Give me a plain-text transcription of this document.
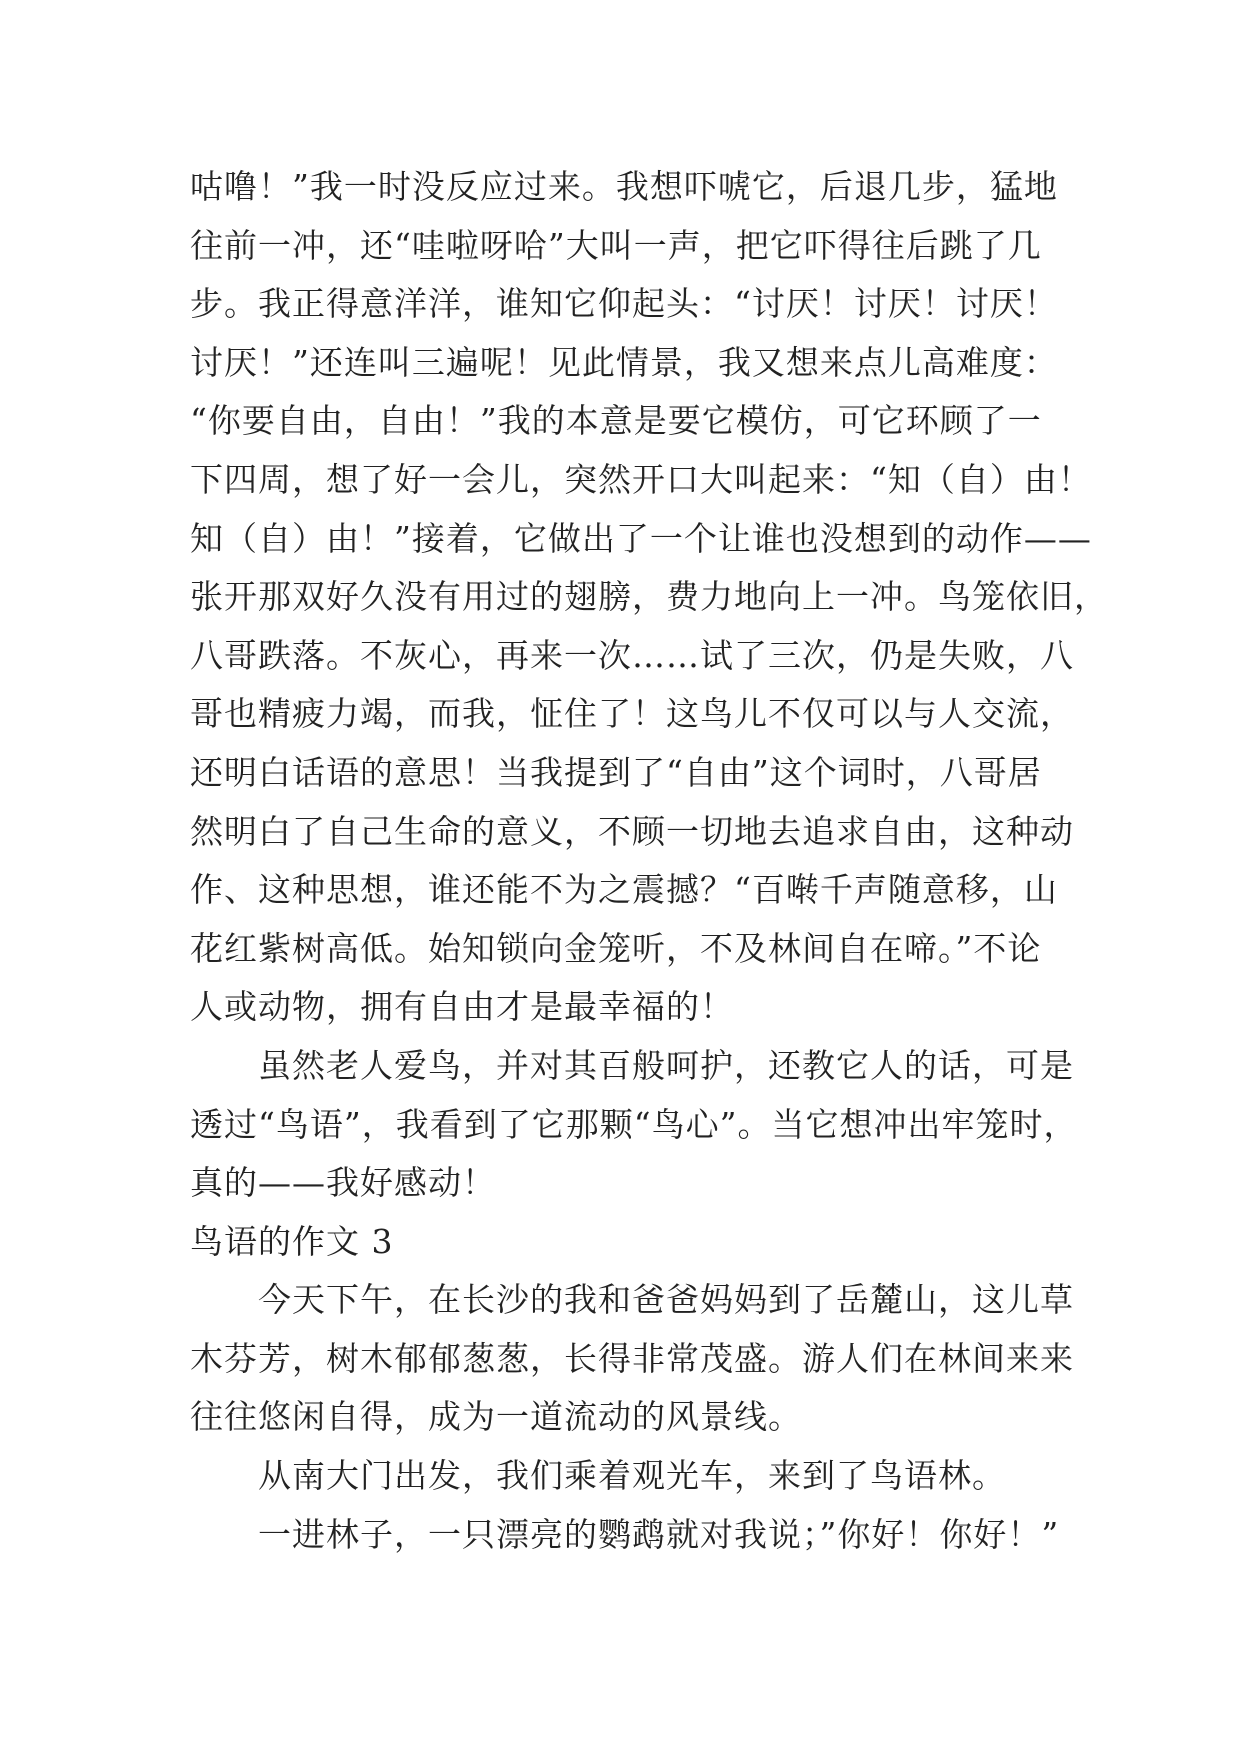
咕噜！”我一时没反应过来。我想吓唬它，后退几步，猛地
往前一冲，还“哇啦呀哈”大叫一声，把它吓得往后跳了几
步。我正得意洋洋，谁知它仰起头：“讨厌！讨厌！讨厌！
讨厌！”还连叫三遍呢！见此情景，我又想来点儿高难度：
“你要自由，自由！”我的本意是要它模仿，可它环顾了一
下四周，想了好一会儿，突然开口大叫起来：“知（自）由！
知（自）由！”接着，它做出了一个让谁也没想到的动作——
张开那双好久没有用过的翅膀，费力地向上一冲。鸟笼依旧，
八哥跌落。不灰心，再来一次……试了三次，仍是失败，八
哥也精疲力竭，而我，怔住了！这鸟儿不仅可以与人交流，
还明白话语的意思！当我提到了“自由”这个词时，八哥居
然明白了自己生命的意义，不顾一切地去追求自由，这种动
作、这种思想，谁还能不为之震撼？“百啭千声随意移，山
花红紫树高低。始知锁向金笼听，不及林间自在啼。”不论
人或动物，拥有自由才是最幸福的！
虽然老人爱鸟，并对其百般呵护，还教它人的话，可是
透过“鸟语”，我看到了它那颗“鸟心”。当它想冲出牢笼时，
真的——我好感动！
鸟语的作文 3
今天下午，在长沙的我和爸爸妈妈到了岳麓山，这儿草
木芬芳，树木郁郁葱葱，长得非常茂盛。游人们在林间来来
往往悠闲自得，成为一道流动的风景线。
从南大门出发，我们乘着观光车，来到了鸟语林。
一进林子，一只漂亮的鹦鹉就对我说；”你好！你好！”
